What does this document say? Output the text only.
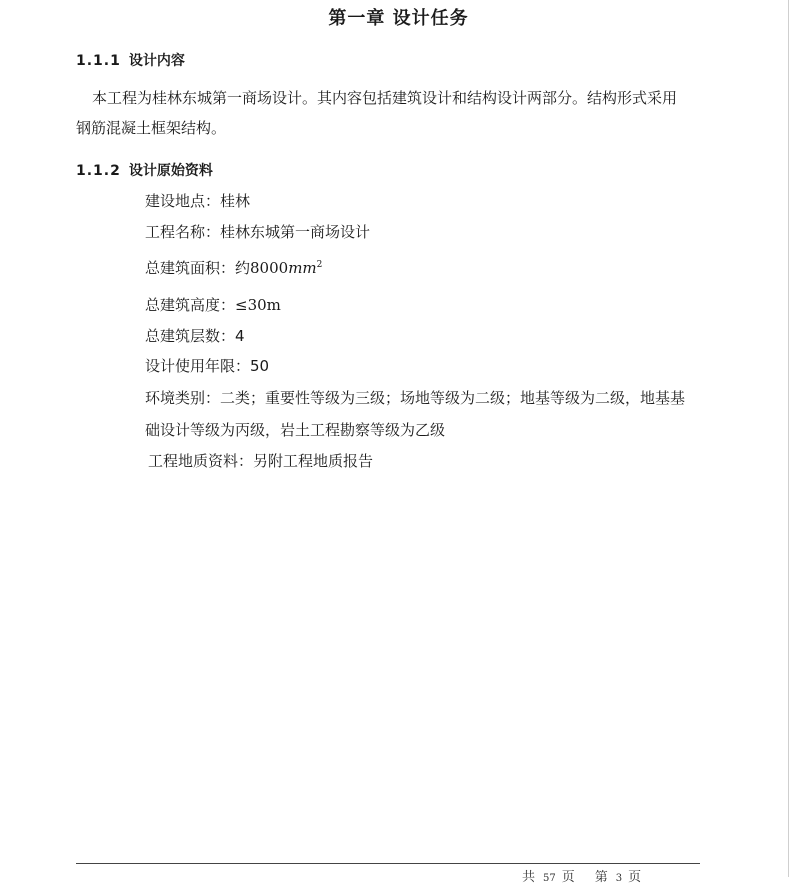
第一章 设计任务
1.1.1 设计内容
本工程为桂林东城第一商场设计。其内容包括建筑设计和结构设计两部分。结构形式采用
钢筋混凝土框架结构。
1.1.2 设计原始资料
建设地点：桂林
工程名称：桂林东城第一商场设计
总建筑面积：约$8000mm^2$
总建筑高度：≤30m
总建筑层数：4
设计使用年限：50
环境类别：二类；重要性等级为三级；场地等级为二级；地基等级为二级，地基基
础设计等级为丙级，岩土工程勘察等级为乙级
工程地质资料：另附工程地质报告
共 57 页 第 3 页
